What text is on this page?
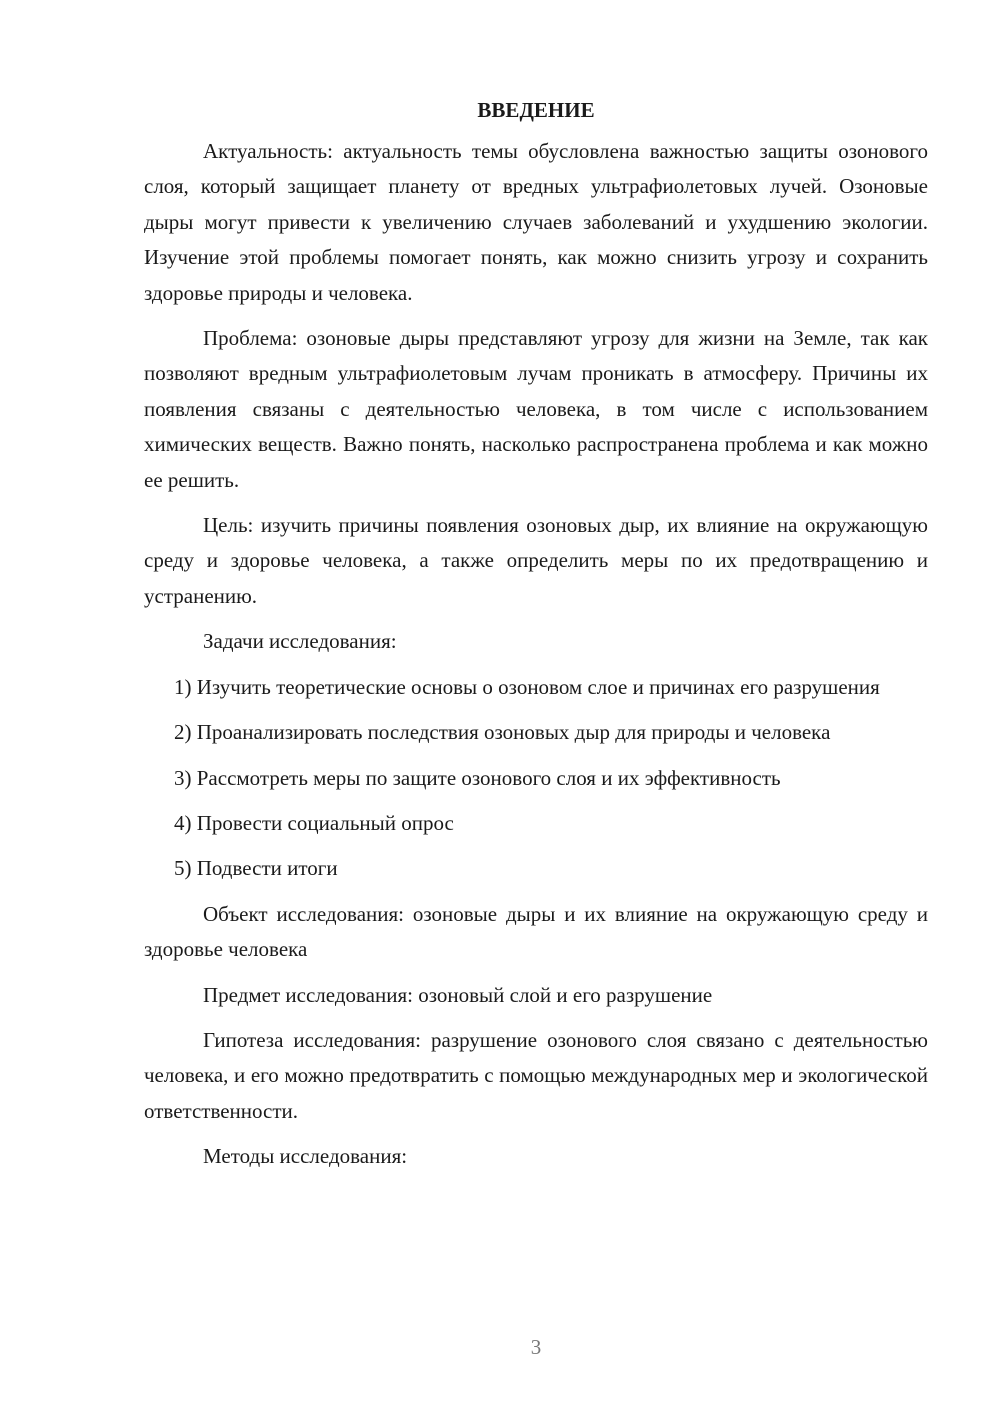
ВВЕДЕНИЕ

Актуальность: актуальность темы обусловлена важностью защиты озонового слоя, который защищает планету от вредных ультрафиолетовых лучей. Озоновые дыры могут привести к увеличению случаев заболеваний и ухудшению экологии. Изучение этой проблемы помогает понять, как можно снизить угрозу и сохранить здоровье природы и человека.

Проблема: озоновые дыры представляют угрозу для жизни на Земле, так как позволяют вредным ультрафиолетовым лучам проникать в атмосферу. Причины их появления связаны с деятельностью человека, в том числе с использованием химических веществ. Важно понять, насколько распространена проблема и как можно ее решить.

Цель: изучить причины появления озоновых дыр, их влияние на окружающую среду и здоровье человека, а также определить меры по их предотвращению и устранению.

Задачи исследования:

1) Изучить теоретические основы о озоновом слое и причинах его разрушения

2) Проанализировать последствия озоновых дыр для природы и человека

3) Рассмотреть меры по защите озонового слоя и их эффективность

4) Провести социальный опрос

5) Подвести итоги

Объект исследования: озоновые дыры и их влияние на окружающую среду и здоровье человека

Предмет исследования: озоновый слой и его разрушение

Гипотеза исследования: разрушение озонового слоя связано с деятельностью человека, и его можно предотвратить с помощью международных мер и экологической ответственности.

Методы исследования:

3
